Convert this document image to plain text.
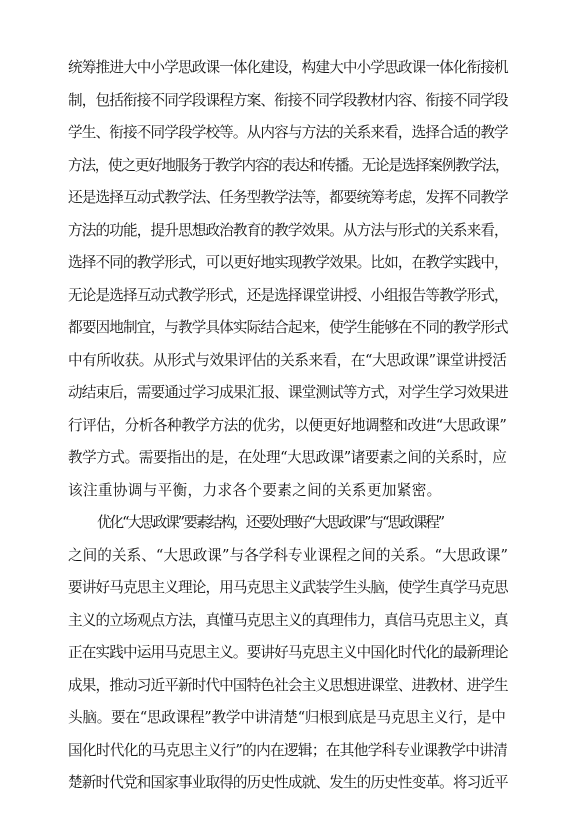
统筹推进大中小学思政课一体化建设，构建大中小学思政课一体化衔接机
制，包括衔接不同学段课程方案、衔接不同学段教材内容、衔接不同学段
学生、衔接不同学段学校等。从内容与方法的关系来看，选择合适的教学
方法，使之更好地服务于教学内容的表达和传播。无论是选择案例教学法，
还是选择互动式教学法、任务型教学法等，都要统筹考虑，发挥不同教学
方法的功能，提升思想政治教育的教学效果。从方法与形式的关系来看，
选择不同的教学形式，可以更好地实现教学效果。比如，在教学实践中，
无论是选择互动式教学形式，还是选择课堂讲授、小组报告等教学形式，
都要因地制宜，与教学具体实际结合起来，使学生能够在不同的教学形式
中有所收获。从形式与效果评估的关系来看，在“大思政课”课堂讲授活
动结束后，需要通过学习成果汇报、课堂测试等方式，对学生学习效果进
行评估，分析各种教学方法的优劣，以便更好地调整和改进“大思政课”
教学方式。需要指出的是，在处理“大思政课”诸要素之间的关系时，应
该注重协调与平衡，力求各个要素之间的关系更加紧密。

优化“大思政课”要素结构，还要处理好“大思政课”与“思政课程”
之间的关系、“大思政课”与各学科专业课程之间的关系。“大思政课”
要讲好马克思主义理论，用马克思主义武装学生头脑，使学生真学马克思
主义的立场观点方法，真懂马克思主义的真理伟力，真信马克思主义，真
正在实践中运用马克思主义。要讲好马克思主义中国化时代化的最新理论
成果，推动习近平新时代中国特色社会主义思想进课堂、进教材、进学生
头脑。要在“思政课程”教学中讲清楚“归根到底是马克思主义行，是中
国化时代化的马克思主义行”的内在逻辑；在其他学科专业课教学中讲清
楚新时代党和国家事业取得的历史性成就、发生的历史性变革。将习近平
